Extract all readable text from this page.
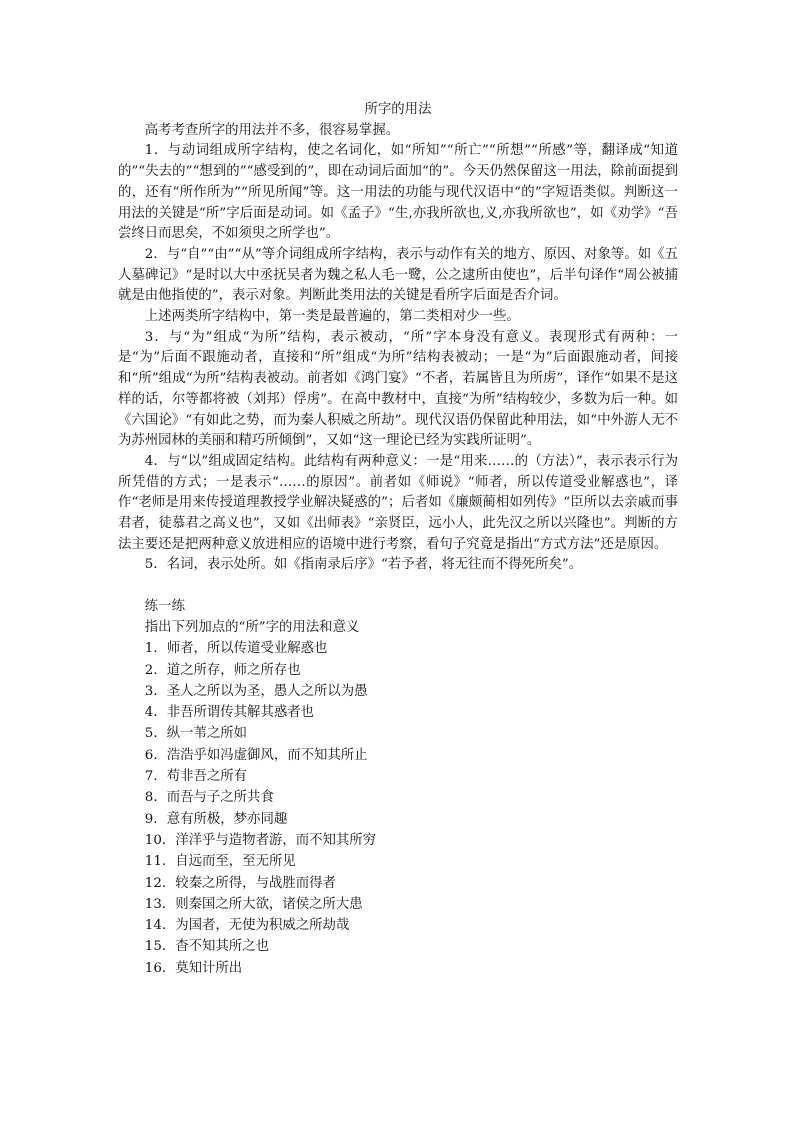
所字的用法

高考考查所字的用法并不多，很容易掌握。

1．与动词组成所字结构，使之名词化，如“所知”“所亡”“所想”“所感”等，翻译成“知道的”“失去的”“想到的”“感受到的”，即在动词后面加“的”。今天仍然保留这一用法，除前面提到的，还有“所作所为”“所见所闻”等。这一用法的功能与现代汉语中“的”字短语类似。判断这一用法的关键是“所”字后面是动词。如《孟子》“生,亦我所欲也,义,亦我所欲也”，如《劝学》“吾尝终日而思矣，不如须臾之所学也”。

2．与“自”“由”“从”等介词组成所字结构，表示与动作有关的地方、原因、对象等。如《五人墓碑记》“是时以大中丞抚吴者为魏之私人毛一鹭，公之逮所由使也”，后半句译作“周公被捕就是由他指使的”，表示对象。判断此类用法的关键是看所字后面是否介词。

上述两类所字结构中，第一类是最普遍的，第二类相对少一些。

3．与“为”组成“为所”结构，表示被动，“所”字本身没有意义。表现形式有两种：一是“为”后面不跟施动者，直接和“所”组成“为所”结构表被动；一是“为”后面跟施动者，间接和“所”组成“为所”结构表被动。前者如《鸿门宴》“不者，若属皆且为所虏”，译作“如果不是这样的话，尔等都将被（刘邦）俘虏”。在高中教材中，直接“为所”结构较少，多数为后一种。如《六国论》“有如此之势，而为秦人积威之所劫”。现代汉语仍保留此种用法，如“中外游人无不为苏州园林的美丽和精巧所倾倒”，又如“这一理论已经为实践所证明”。

4．与“以”组成固定结构。此结构有两种意义：一是“用来……的（方法）”，表示表示行为所凭借的方式；一是表示“……的原因”。前者如《师说》“师者，所以传道受业解惑也”，译作“老师是用来传授道理教授学业解决疑惑的”；后者如《廉颇蔺相如列传》“臣所以去亲戚而事君者，徒慕君之高义也”，又如《出师表》“亲贤臣，远小人，此先汉之所以兴隆也”。判断的方法主要还是把两种意义放进相应的语境中进行考察，看句子究竟是指出“方式方法”还是原因。

5．名词，表示处所。如《指南录后序》“若予者，将无往而不得死所矣”。

练一练

指出下列加点的“所”字的用法和意义

1．师者，所以传道受业解惑也
2．道之所存，师之所存也
3．圣人之所以为圣，愚人之所以为愚
4．非吾所谓传其解其惑者也
5．纵一苇之所如
6．浩浩乎如冯虚御风，而不知其所止
7．苟非吾之所有
8．而吾与子之所共食
9．意有所极，梦亦同趣
10．洋洋乎与造物者游，而不知其所穷
11．自远而至，至无所见
12．较秦之所得，与战胜而得者
13．则秦国之所大欲，诸侯之所大患
14．为国者，无使为积威之所劫哉
15．杳不知其所之也
16．莫知计所出
